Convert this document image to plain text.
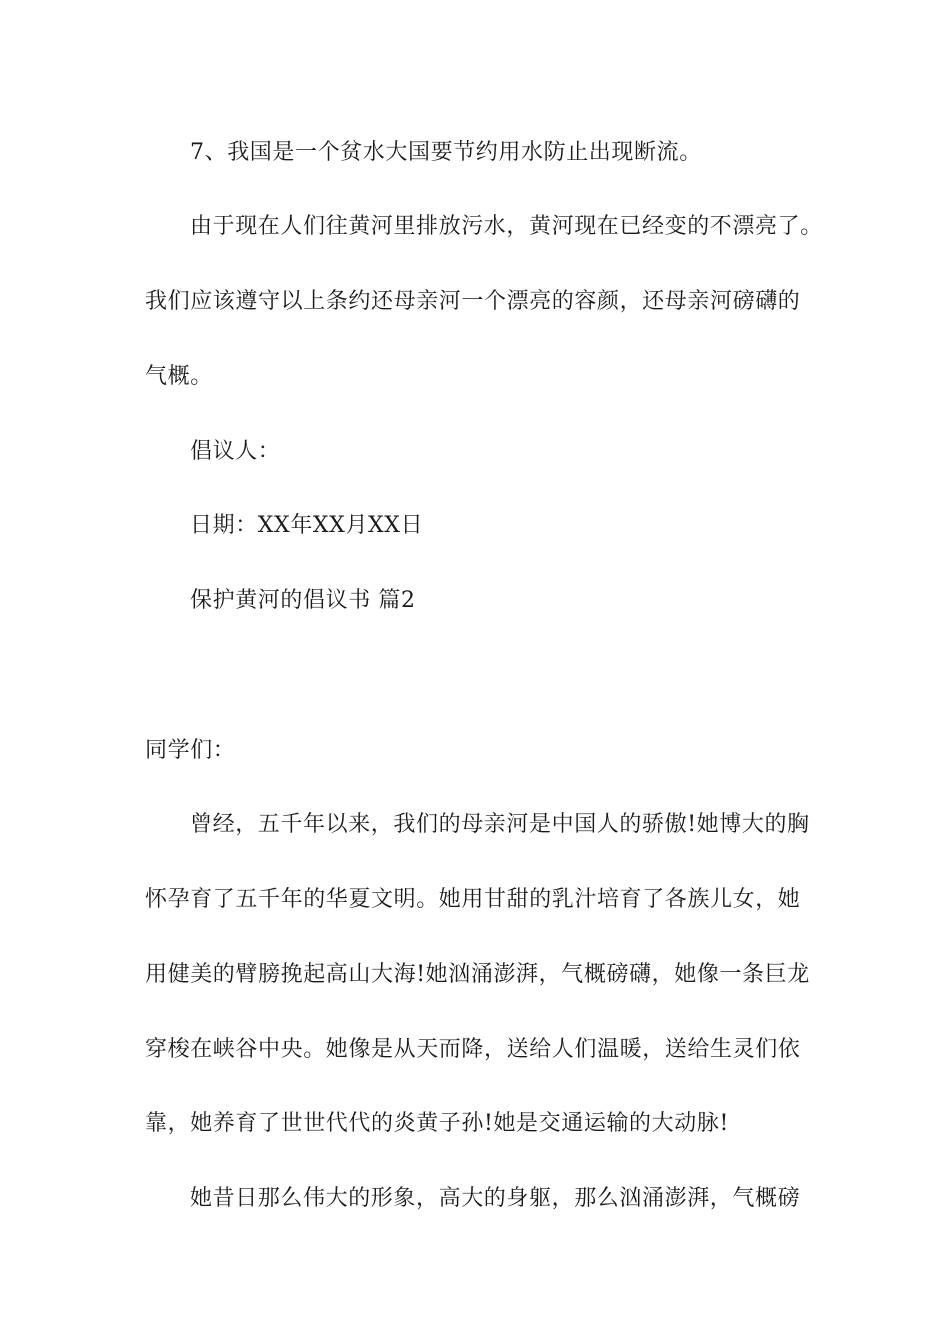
7、我国是一个贫水大国要节约用水防止出现断流。
由于现在人们往黄河里排放污水，黄河现在已经变的不漂亮了。
我们应该遵守以上条约还母亲河一个漂亮的容颜，还母亲河磅礴的
气概。
倡议人：
日期：XX年XX月XX日
保护黄河的倡议书 篇2
同学们：
曾经，五千年以来，我们的母亲河是中国人的骄傲!她博大的胸
怀孕育了五千年的华夏文明。她用甘甜的乳汁培育了各族儿女，她
用健美的臂膀挽起高山大海!她汹涌澎湃，气概磅礴，她像一条巨龙
穿梭在峡谷中央。她像是从天而降，送给人们温暖，送给生灵们依
靠，她养育了世世代代的炎黄子孙!她是交通运输的大动脉!
她昔日那么伟大的形象，高大的身躯，那么汹涌澎湃，气概磅
